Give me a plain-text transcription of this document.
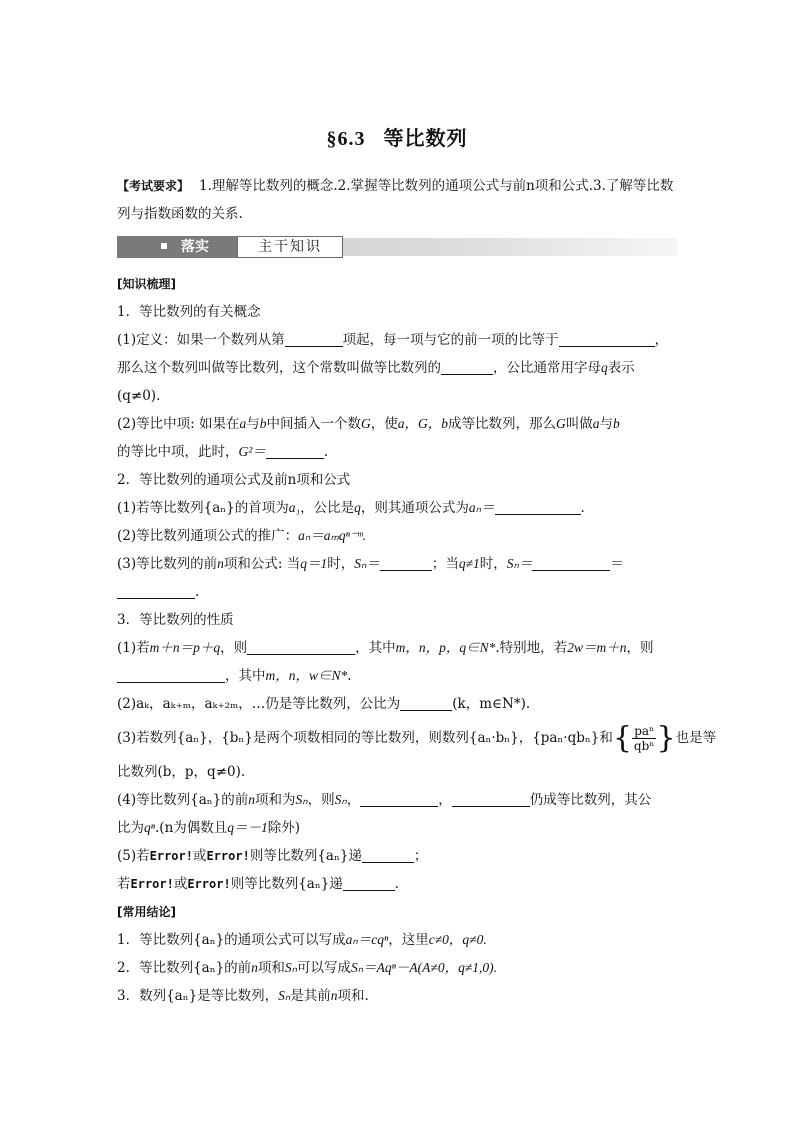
§6.3 等比数列
【考试要求】 1.理解等比数列的概念.2.掌握等比数列的通项公式与前n项和公式.3.了解等比数列与指数函数的关系.
落实	主干知识
[知识梳理]
1．等比数列的有关概念
(1)定义：如果一个数列从第	项起，每一项与它的前一项的比等于	，
那么这个数列叫做等比数列，这个常数叫做等比数列的	，公比通常用字母q表示
(q≠0).
(2)等比中项: 如果在a与b中间插入一个数G，使a，G，b成等比数列，那么G叫做a与b
的等比中项，此时，G²＝	.
2．等比数列的通项公式及前n项和公式
(1)若等比数列{aₙ}的首项为a₁，公比是q，则其通项公式为aₙ＝	.
(2)等比数列通项公式的推广：aₙ＝aₘqⁿ⁻ᵐ.
(3)等比数列的前n项和公式: 当q＝1时，Sₙ＝	；当q≠1时，Sₙ＝	＝
.
3．等比数列的性质
(1)若m＋n＝p＋q，则	，其中m，n，p，q∈N*.特别地，若2w＝m＋n，则
，其中m，n，w∈N*.
(2)aₖ，aₖ₊ₘ，aₖ₊₂ₘ，…仍是等比数列，公比为	(k，m∈N*).
(3)若数列{aₙ}，{bₙ}是两个项数相同的等比数列，则数列{aₙ·bₙ}，{paₙ·qbₙ}和{ $\frac{\text{paⁿ}}{\text{qbⁿ}}$ }也是等
比数列(b，p，q≠0).
(4)等比数列{aₙ}的前n项和为Sₙ，则Sₙ，	，	仍成等比数列，其公
比为qⁿ.(n为偶数且q＝－1除外)
(5)若Error!或Error!则等比数列{aₙ}递	；
若Error!或Error!则等比数列{aₙ}递	.
[常用结论]
1．等比数列{aₙ}的通项公式可以写成aₙ＝cqⁿ，这里c≠0，q≠0.
2．等比数列{aₙ}的前n项和Sₙ可以写成Sₙ＝Aqⁿ－A(A≠0，q≠1,0).
3．数列{aₙ}是等比数列，Sₙ是其前n项和.
